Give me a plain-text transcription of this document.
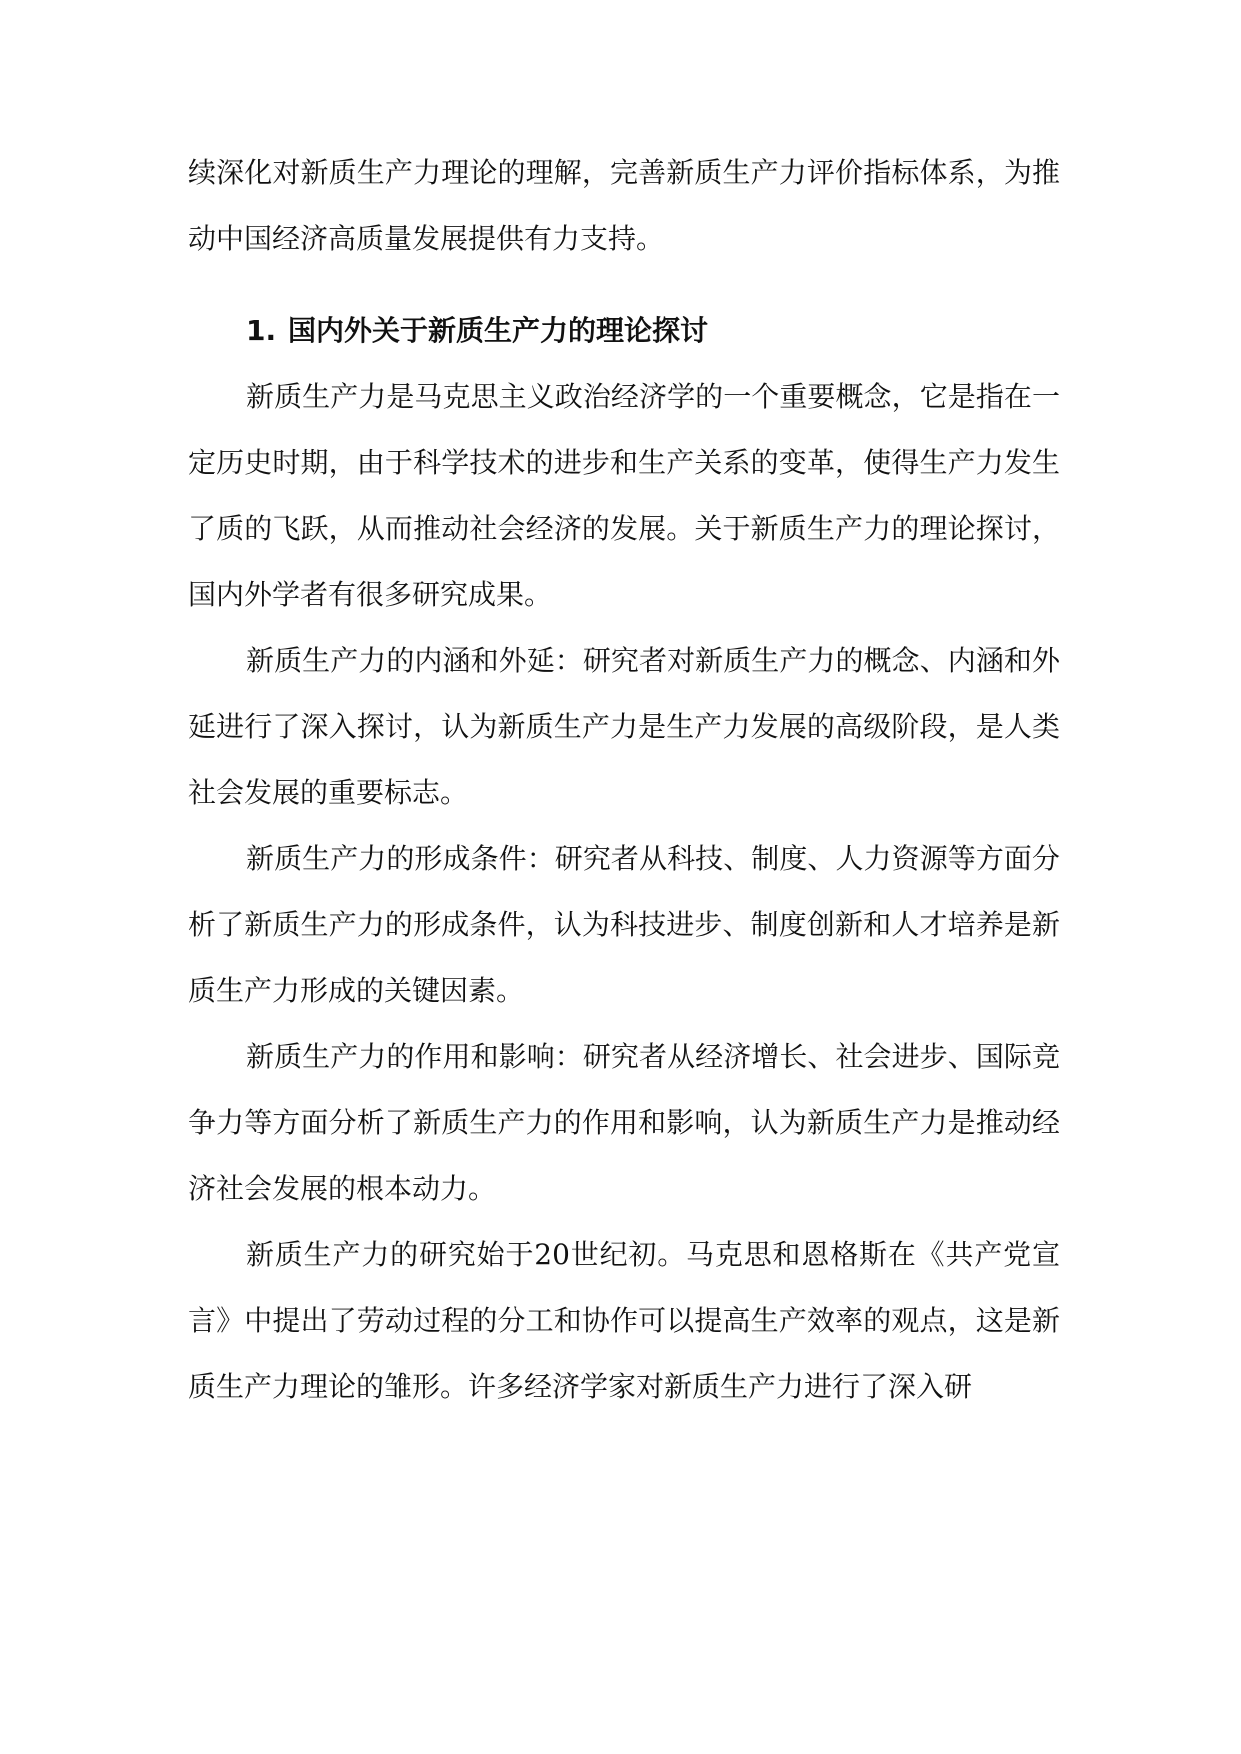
续深化对新质生产力理论的理解，完善新质生产力评价指标体系，为推动中国经济高质量发展提供有力支持。

1. 国内外关于新质生产力的理论探讨

新质生产力是马克思主义政治经济学的一个重要概念，它是指在一定历史时期，由于科学技术的进步和生产关系的变革，使得生产力发生了质的飞跃，从而推动社会经济的发展。关于新质生产力的理论探讨，国内外学者有很多研究成果。

新质生产力的内涵和外延：研究者对新质生产力的概念、内涵和外延进行了深入探讨，认为新质生产力是生产力发展的高级阶段，是人类社会发展的重要标志。

新质生产力的形成条件：研究者从科技、制度、人力资源等方面分析了新质生产力的形成条件，认为科技进步、制度创新和人才培养是新质生产力形成的关键因素。

新质生产力的作用和影响：研究者从经济增长、社会进步、国际竞争力等方面分析了新质生产力的作用和影响，认为新质生产力是推动经济社会发展的根本动力。

新质生产力的研究始于20世纪初。马克思和恩格斯在《共产党宣言》中提出了劳动过程的分工和协作可以提高生产效率的观点，这是新质生产力理论的雏形。许多经济学家对新质生产力进行了深入研
